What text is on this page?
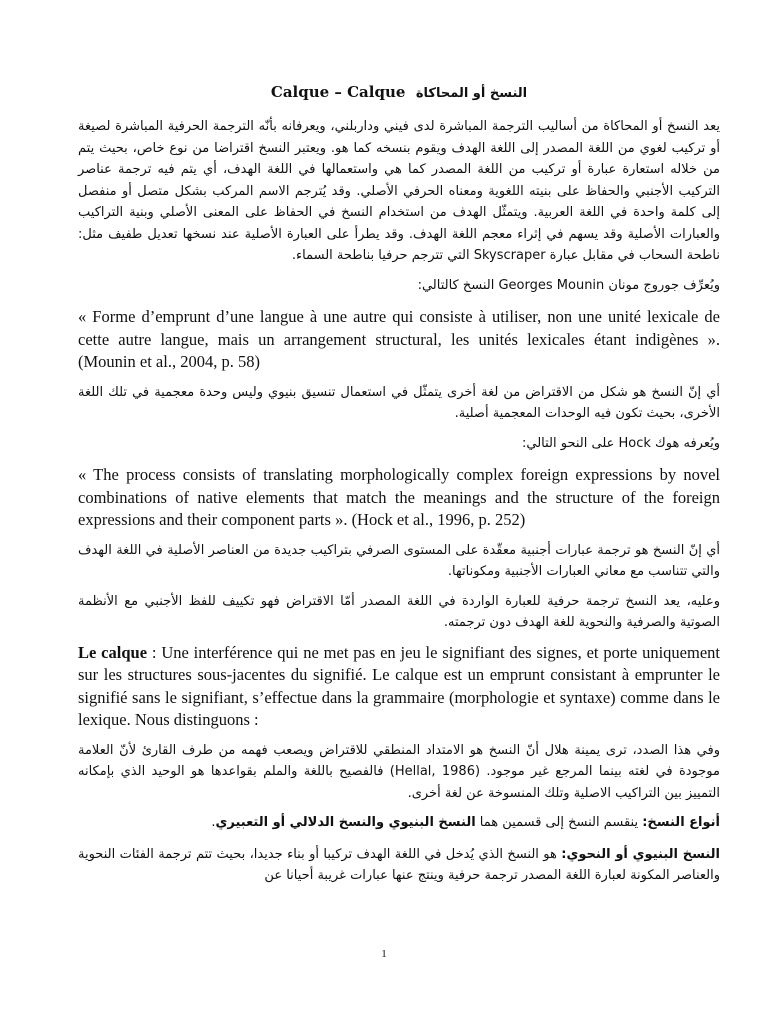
Calque – Calque النسخ أو المحاكاة

يعد النسخ أو المحاكاة من أساليب الترجمة المباشرة لدى فيني وداربلني، ويعرفانه بأنّه الترجمة الحرفية المباشرة لصيغة أو تركيب لغوي من اللغة المصدر إلى اللغة الهدف ويقوم بنسخه كما هو. ويعتبر النسخ اقتراضا من نوع خاص، بحيث يتم من خلاله استعارة عبارة أو تركيب من اللغة المصدر كما هي واستعمالها في اللغة الهدف، أي يتم فيه ترجمة عناصر التركيب الأجنبي والحفاظ على بنيته اللغوية ومعناه الحرفي الأصلي. وقد يُترجم الاسم المركب بشكل متصل أو منفصل إلى كلمة واحدة في اللغة العربية. ويتمثّل الهدف من استخدام النسخ في الحفاظ على المعنى الأصلي وبنية التراكيب والعبارات الأصلية وقد يسهم في إثراء معجم اللغة الهدف. وقد يطرأ على العبارة الأصلية عند نسخها تعديل طفيف مثل: ناطحة السحاب في مقابل عبارة Skyscraper التي تترجم حرفيا بناطحة السماء.

ويُعرِّف جوروج مونان Georges Mounin النسخ كالتالي:

« Forme d’emprunt d’une langue à une autre qui consiste à utiliser, non une unité lexicale de cette autre langue, mais un arrangement structural, les unités lexicales étant indigènes ». (Mounin et al., 2004, p. 58)

أي إنّ النسخ هو شكل من الاقتراض من لغة أخرى يتمثّل في استعمال تنسيق بنيوي وليس وحدة معجمية في تلك اللغة الأخرى، بحيث تكون فيه الوحدات المعجمية أصلية.

ويُعرفه هوك Hock على النحو التالي:

« The process consists of translating morphologically complex foreign expressions by novel combinations of native elements that match the meanings and the structure of the foreign expressions and their component parts ». (Hock et al., 1996, p. 252)

أي إنّ النسخ هو ترجمة عبارات أجنبية معقّدة على المستوى الصرفي بتراكيب جديدة من العناصر الأصلية في اللغة الهدف والتي تتناسب مع معاني العبارات الأجنبية ومكوناتها.

وعليه، يعد النسخ ترجمة حرفية للعبارة الواردة في اللغة المصدر أمّا الاقتراض فهو تكييف للفظ الأجنبي مع الأنظمة الصوتية والصرفية والنحوية للغة الهدف دون ترجمته.

Le calque : Une interférence qui ne met pas en jeu le signifiant des signes, et porte uniquement sur les structures sous-jacentes du signifié. Le calque est un emprunt consistant à emprunter le signifié sans le signifiant, s’effectue dans la grammaire (morphologie et syntaxe) comme dans le lexique. Nous distinguons :

وفي هذا الصدد، ترى يمينة هلال أنّ النسخ هو الامتداد المنطقي للاقتراض ويصعب فهمه من طرف القارئ لأنّ العلامة موجودة في لغته بينما المرجع غير موجود. (Hellal, 1986) فالفصيح باللغة والملم بقواعدها هو الوحيد الذي بإمكانه التمييز بين التراكيب الاصلية وتلك المنسوخة عن لغة أخرى.

أنواع النسخ: ينقسم النسخ إلى قسمين هما النسخ البنيوي والنسخ الدلالي أو التعبيري.

النسخ البنيوي أو النحوي: هو النسخ الذي يُدخل في اللغة الهدف تركيبا أو بناء جديدا، بحيث تتم ترجمة الفئات النحوية والعناصر المكونة لعبارة اللغة المصدر ترجمة حرفية وينتج عنها عبارات غريبة أحيانا عن

1
